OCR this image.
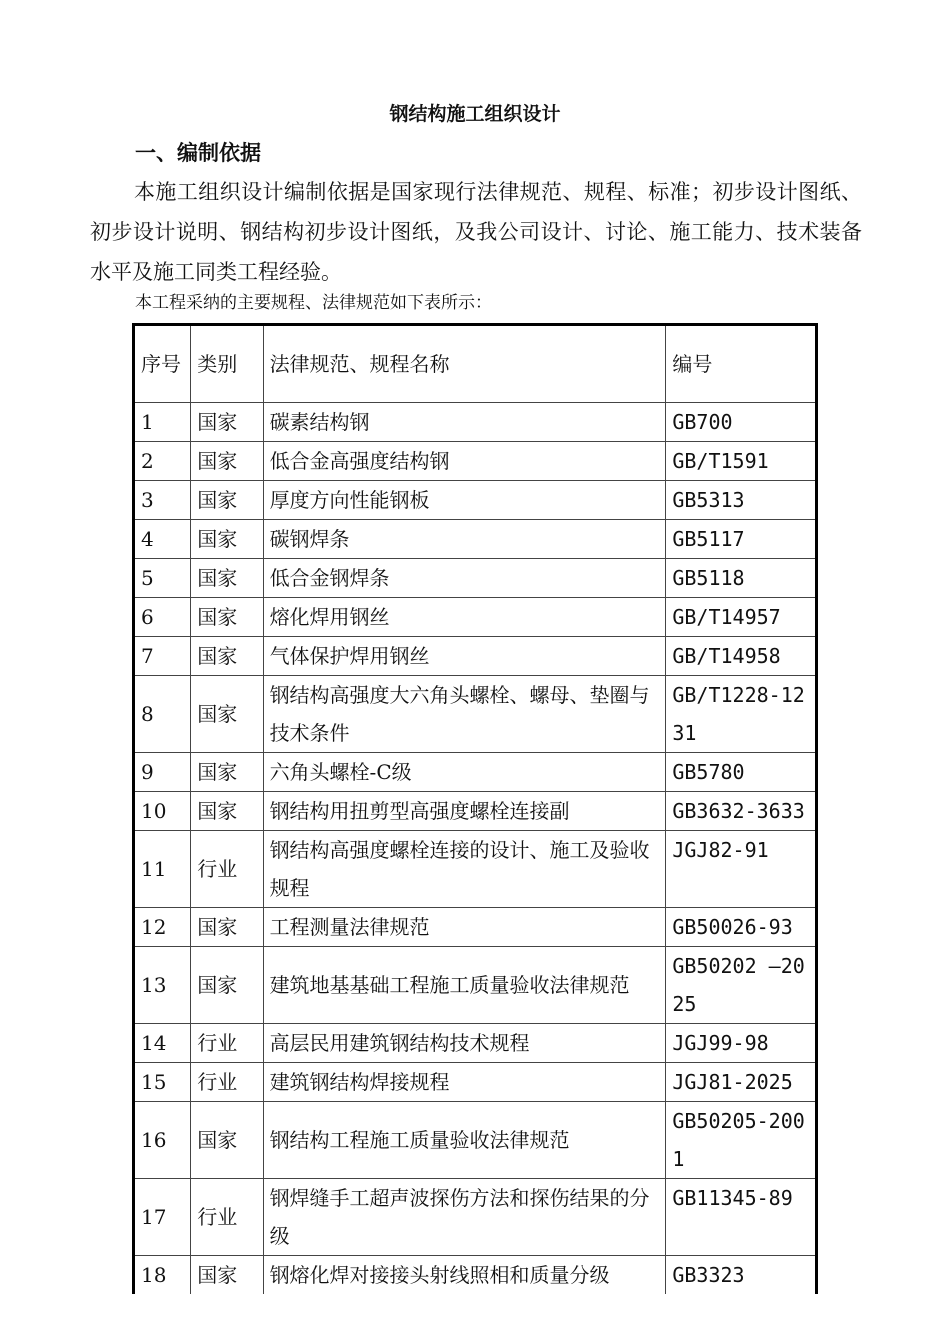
钢结构施工组织设计
一、编制依据
本施工组织设计编制依据是国家现行法律规范、规程、标准；初步设计图纸、初步设计说明、钢结构初步设计图纸，及我公司设计、讨论、施工能力、技术装备水平及施工同类工程经验。
本工程采纳的主要规程、法律规范如下表所示：
序号	类别	法律规范、规程名称	编号
1	国家	碳素结构钢	GB700
2	国家	低合金高强度结构钢	GB/T1591
3	国家	厚度方向性能钢板	GB5313
4	国家	碳钢焊条	GB5117
5	国家	低合金钢焊条	GB5118
6	国家	熔化焊用钢丝	GB/T14957
7	国家	气体保护焊用钢丝	GB/T14958
8	国家	钢结构高强度大六角头螺栓、螺母、垫圈与技术条件	GB/T1228-1231
9	国家	六角头螺栓-C级	GB5780
10	国家	钢结构用扭剪型高强度螺栓连接副	GB3632-3633
11	行业	钢结构高强度螺栓连接的设计、施工及验收规程	JGJ82-91
12	国家	工程测量法律规范	GB50026-93
13	国家	建筑地基基础工程施工质量验收法律规范	GB50202 —2025
14	行业	高层民用建筑钢结构技术规程	JGJ99-98
15	行业	建筑钢结构焊接规程	JGJ81-2025
16	国家	钢结构工程施工质量验收法律规范	GB50205-2001
17	行业	钢焊缝手工超声波探伤方法和探伤结果的分级	GB11345-89
18	国家	钢熔化焊对接接头射线照相和质量分级	GB3323
